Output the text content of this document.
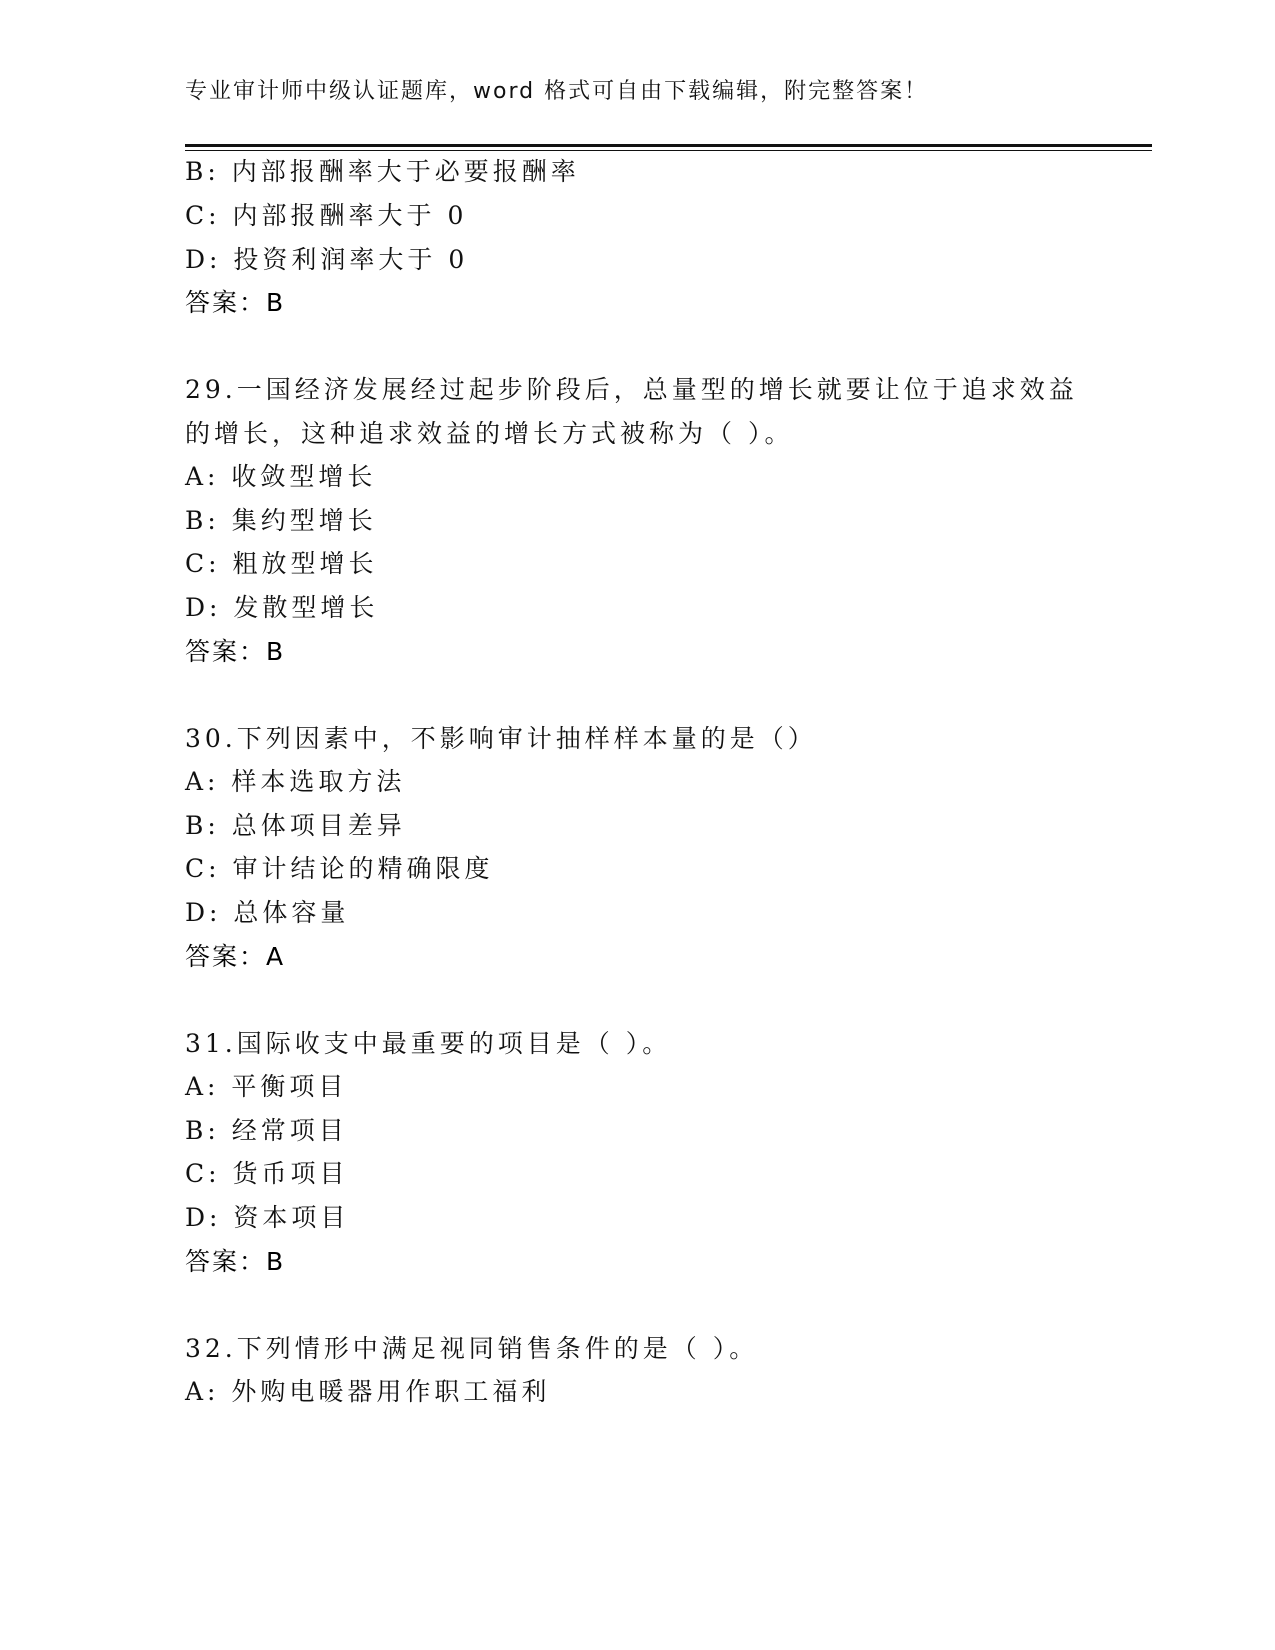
专业审计师中级认证题库，word 格式可自由下载编辑，附完整答案！
B: 内部报酬率大于必要报酬率
C: 内部报酬率大于 0
D: 投资利润率大于 0
答案：B
29.一国经济发展经过起步阶段后，总量型的增长就要让位于追求效益
的增长，这种追求效益的增长方式被称为（ ）。
A: 收敛型增长
B: 集约型增长
C: 粗放型增长
D: 发散型增长
答案：B
30.下列因素中，不影响审计抽样样本量的是（）
A: 样本选取方法
B: 总体项目差异
C: 审计结论的精确限度
D: 总体容量
答案：A
31.国际收支中最重要的项目是（ ）。
A: 平衡项目
B: 经常项目
C: 货币项目
D: 资本项目
答案：B
32.下列情形中满足视同销售条件的是（ ）。
A: 外购电暖器用作职工福利
